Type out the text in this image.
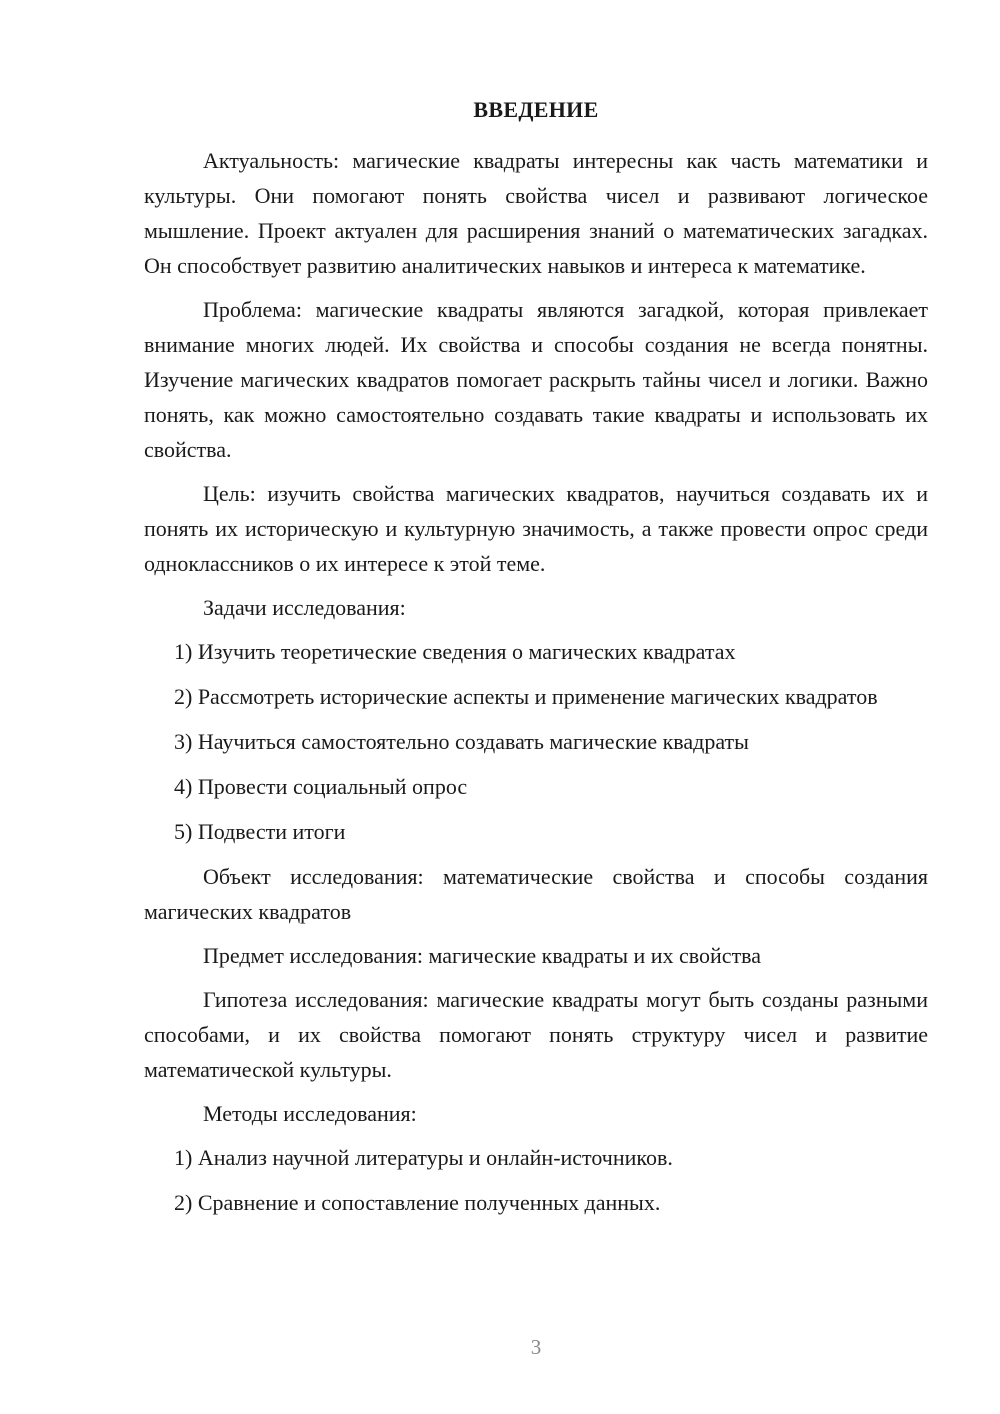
ВВЕДЕНИЕ

Актуальность: магические квадраты интересны как часть математики и культуры. Они помогают понять свойства чисел и развивают логическое мышление. Проект актуален для расширения знаний о математических загадках. Он способствует развитию аналитических навыков и интереса к математике.

Проблема: магические квадраты являются загадкой, которая привлекает внимание многих людей. Их свойства и способы создания не всегда понятны. Изучение магических квадратов помогает раскрыть тайны чисел и логики. Важно понять, как можно самостоятельно создавать такие квадраты и использовать их свойства.

Цель: изучить свойства магических квадратов, научиться создавать их и понять их историческую и культурную значимость, а также провести опрос среди одноклассников о их интересе к этой теме.

Задачи исследования:

1) Изучить теоретические сведения о магических квадратах

2) Рассмотреть исторические аспекты и применение магических квадратов

3) Научиться самостоятельно создавать магические квадраты

4) Провести социальный опрос

5) Подвести итоги

Объект исследования: математические свойства и способы создания магических квадратов

Предмет исследования: магические квадраты и их свойства

Гипотеза исследования: магические квадраты могут быть созданы разными способами, и их свойства помогают понять структуру чисел и развитие математической культуры.

Методы исследования:

1) Анализ научной литературы и онлайн-источников.

2) Сравнение и сопоставление полученных данных.

3
